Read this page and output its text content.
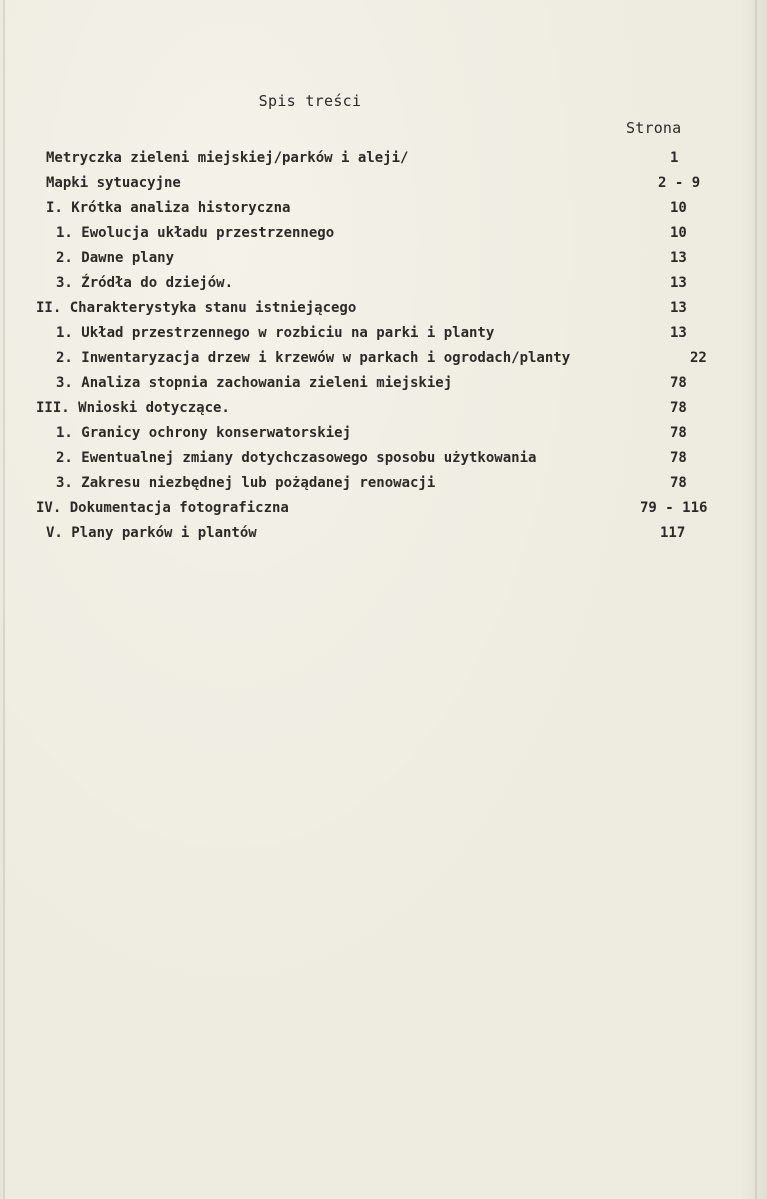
Spis treści
Strona
Metryczka zieleni miejskiej/parków i aleji/	1
Mapki sytuacyjne	2 - 9
I. Krótka analiza historyczna	10
1. Ewolucja układu przestrzennego	10
2. Dawne plany	13
3. Źródła do dziejów.	13
II. Charakterystyka stanu istniejącego	13
1. Układ przestrzennego w rozbiciu na parki i planty	13
2. Inwentaryzacja drzew i krzewów w parkach i ogrodach/planty	22
3. Analiza stopnia zachowania zieleni miejskiej	78
III. Wnioski dotyczące.	78
1. Granicy ochrony konserwatorskiej	78
2. Ewentualnej zmiany dotychczasowego sposobu użytkowania	78
3. Zakresu niezbędnej lub pożądanej renowacji	78
IV. Dokumentacja fotograficzna	79 - 116
V. Plany parków i plantów	117
